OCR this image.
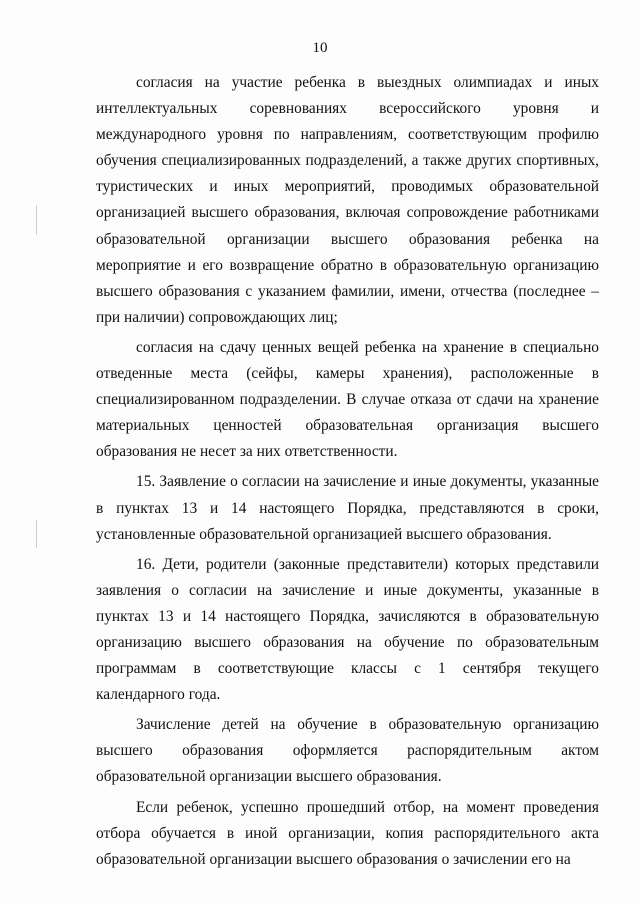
10

согласия на участие ребенка в выездных олимпиадах и иных интеллектуальных соревнованиях всероссийского уровня и международного уровня по направлениям, соответствующим профилю обучения специализированных подразделений, а также других спортивных, туристических и иных мероприятий, проводимых образовательной организацией высшего образования, включая сопровождение работниками образовательной организации высшего образования ребенка на мероприятие и его возвращение обратно в образовательную организацию высшего образования с указанием фамилии, имени, отчества (последнее – при наличии) сопровождающих лиц;

согласия на сдачу ценных вещей ребенка на хранение в специально отведенные места (сейфы, камеры хранения), расположенные в специализированном подразделении. В случае отказа от сдачи на хранение материальных ценностей образовательная организация высшего образования не несет за них ответственности.

15. Заявление о согласии на зачисление и иные документы, указанные в пунктах 13 и 14 настоящего Порядка, представляются в сроки, установленные образовательной организацией высшего образования.

16. Дети, родители (законные представители) которых представили заявления о согласии на зачисление и иные документы, указанные в пунктах 13 и 14 настоящего Порядка, зачисляются в образовательную организацию высшего образования на обучение по образовательным программам в соответствующие классы с 1 сентября текущего календарного года.

Зачисление детей на обучение в образовательную организацию высшего образования оформляется распорядительным актом образовательной организации высшего образования.

Если ребенок, успешно прошедший отбор, на момент проведения отбора обучается в иной организации, копия распорядительного акта образовательной организации высшего образования о зачислении его на
